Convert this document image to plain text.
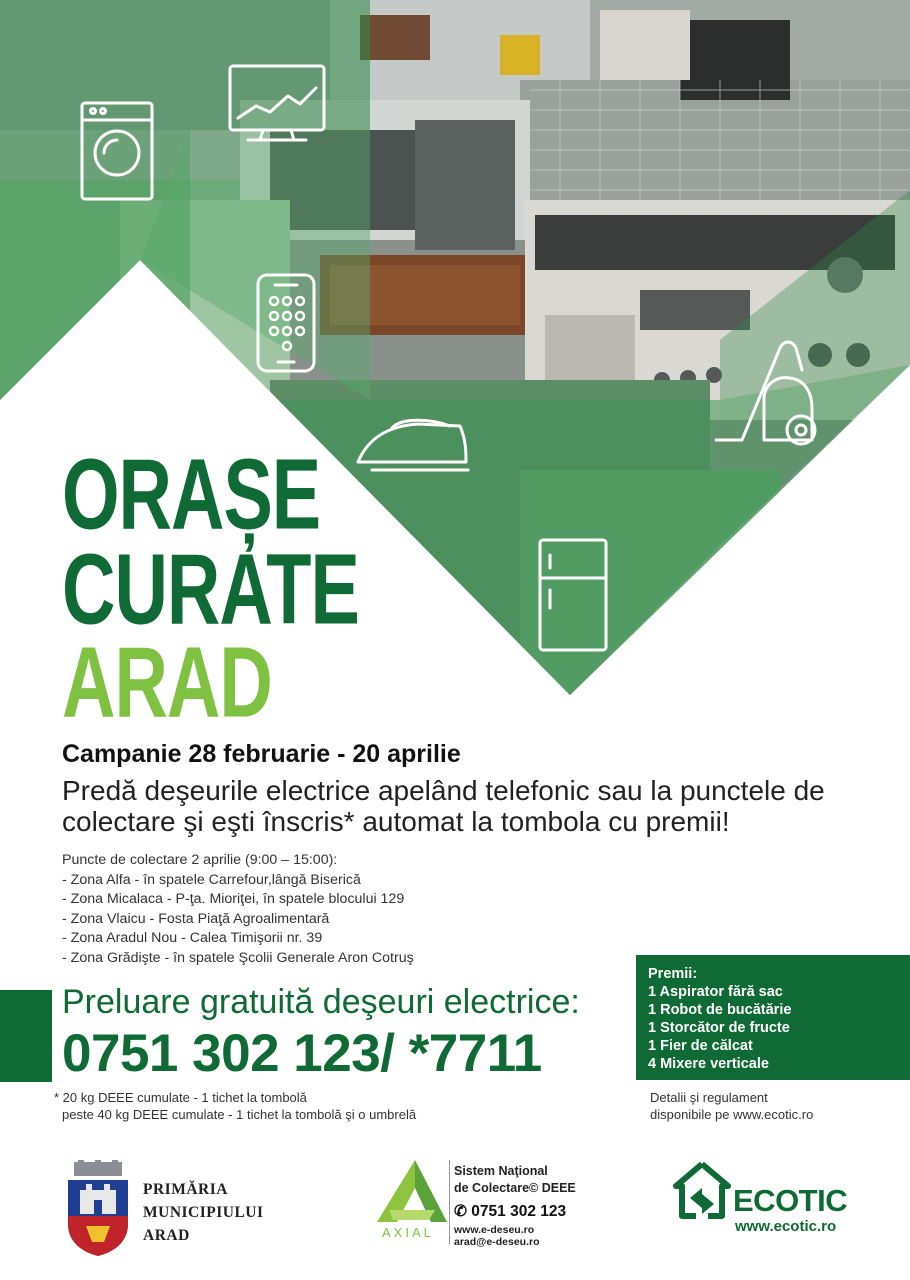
ORAȘE
CURATE
ARAD
Campanie 28 februarie - 20 aprilie
Predă deşeurile electrice apelând telefonic sau la punctele de colectare şi eşti înscris* automat la tombola cu premii!
Puncte de colectare 2 aprilie (9:00 – 15:00):
- Zona Alfa - în spatele Carrefour,lângă Biserică
- Zona Micalaca - P-ţa. Mioriţei, în spatele blocului 129
- Zona Vlaicu - Fosta Piaţă Agroalimentară
- Zona Aradul Nou - Calea Timişorii nr. 39
- Zona Grădişte - în spatele Şcolii Generale Aron Cotruş
Preluare gratuită deşeuri electrice:
0751 302 123/ *7711
* 20 kg DEEE cumulate - 1 tichet la tombolă
peste 40 kg DEEE cumulate - 1 tichet la tombolă şi o umbrelă
Premii:
1 Aspirator fără sac
1 Robot de bucătărie
1 Storcător de fructe
1 Fier de călcat
4 Mixere verticale
Detalii şi regulament
disponibile pe www.ecotic.ro
PRIMĂRIA
MUNICIPIULUI
ARAD	AXIAL
Sistem Naţional
de Colectare© DEEE
✆ 0751 302 123
www.e-deseu.ro
arad@e-deseu.ro
ECOTIC
www.ecotic.ro
